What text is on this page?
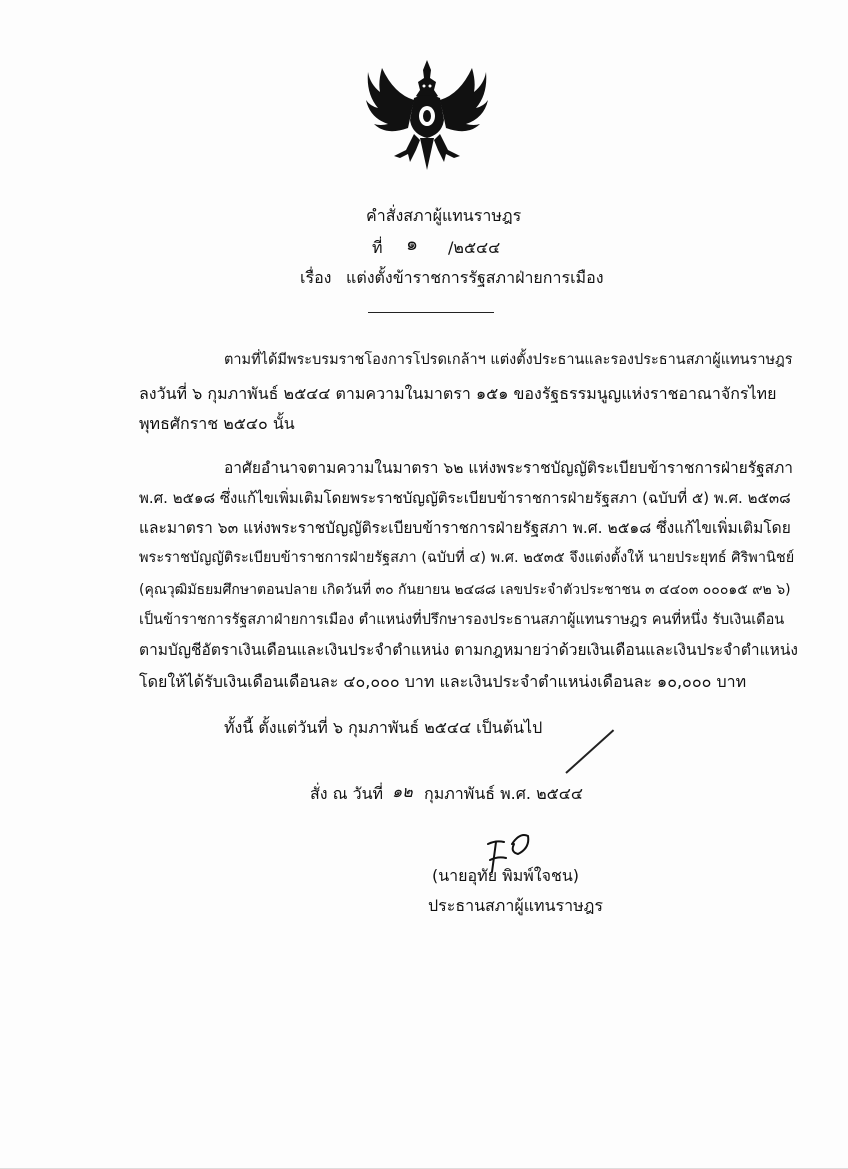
คำสั่งสภาผู้แทนราษฎร
ที่ ๑ /๒๕๔๔
เรื่อง แต่งตั้งข้าราชการรัฐสภาฝ่ายการเมือง
ตามที่ได้มีพระบรมราชโองการโปรดเกล้าฯ แต่งตั้งประธานและรองประธานสภาผู้แทนราษฎร
ลงวันที่ ๖ กุมภาพันธ์ ๒๕๔๔ ตามความในมาตรา ๑๕๑ ของรัฐธรรมนูญแห่งราชอาณาจักรไทย
พุทธศักราช ๒๕๔๐ นั้น
อาศัยอำนาจตามความในมาตรา ๖๒ แห่งพระราชบัญญัติระเบียบข้าราชการฝ่ายรัฐสภา
พ.ศ. ๒๕๑๘ ซึ่งแก้ไขเพิ่มเติมโดยพระราชบัญญัติระเบียบข้าราชการฝ่ายรัฐสภา (ฉบับที่ ๕) พ.ศ. ๒๕๓๘
และมาตรา ๖๓ แห่งพระราชบัญญัติระเบียบข้าราชการฝ่ายรัฐสภา พ.ศ. ๒๕๑๘ ซึ่งแก้ไขเพิ่มเติมโดย
พระราชบัญญัติระเบียบข้าราชการฝ่ายรัฐสภา (ฉบับที่ ๔) พ.ศ. ๒๕๓๕ จึงแต่งตั้งให้ นายประยุทธ์ ศิริพานิชย์
(คุณวุฒิมัธยมศึกษาตอนปลาย เกิดวันที่ ๓๐ กันยายน ๒๔๘๘ เลขประจำตัวประชาชน ๓ ๔๔๐๓ ๐๐๐๑๕ ๙๒ ๖)
เป็นข้าราชการรัฐสภาฝ่ายการเมือง ตำแหน่งที่ปรึกษารองประธานสภาผู้แทนราษฎร คนที่หนึ่ง รับเงินเดือน
ตามบัญชีอัตราเงินเดือนและเงินประจำตำแหน่ง ตามกฎหมายว่าด้วยเงินเดือนและเงินประจำตำแหน่ง
โดยให้ได้รับเงินเดือนเดือนละ ๔๐,๐๐๐ บาท และเงินประจำตำแหน่งเดือนละ ๑๐,๐๐๐ บาท
ทั้งนี้ ตั้งแต่วันที่ ๖ กุมภาพันธ์ ๒๕๔๔ เป็นต้นไป
สั่ง ณ วันที่ ๑๒ กุมภาพันธ์ พ.ศ. ๒๕๔๔
(นายอุทัย พิมพ์ใจชน)
ประธานสภาผู้แทนราษฎร
